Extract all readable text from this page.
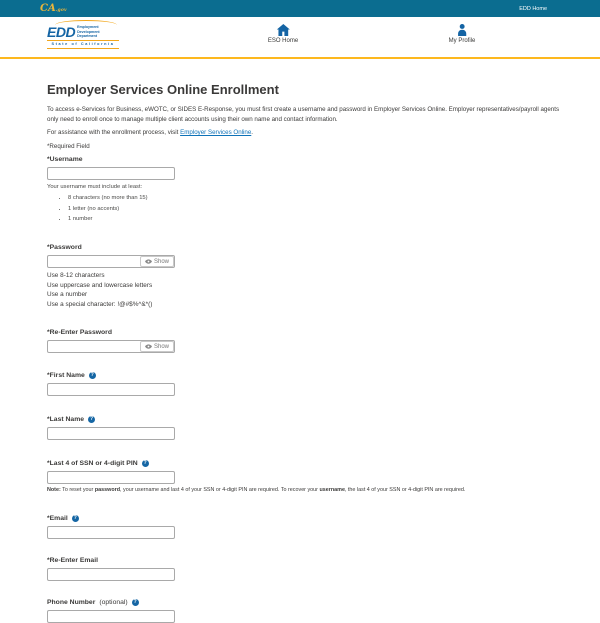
CA.gov	EDD Home
EDD Employment
Development
Department
State of California	ESO Home	My Profile
Employer Services Online Enrollment

To access e-Services for Business, eWOTC, or SIDES E-Response, you must first create a username and password in Employer Services Online. Employer representatives/payroll agents only need to enroll once to manage multiple client accounts using their own name and contact information.

For assistance with the enrollment process, visit Employer Services Online.

*Required Field

*Username
Your username must include at least:
• 8 characters (no more than 15)
• 1 letter (no accents)
• 1 number
*Password
Show
Use 8-12 characters
Use uppercase and lowercase letters
Use a number
Use a special character: !@#$%^&*()
*Re-Enter Password
Show
*First Name	?
*Last Name	?
*Last 4 of SSN or 4-digit PIN	?
Note: To reset your password, your username and last 4 of your SSN or 4-digit PIN are required. To recover your username, the last 4 of your SSN or 4-digit PIN are required.
*Email	?
*Re-Enter Email
Phone Number (optional)	?
